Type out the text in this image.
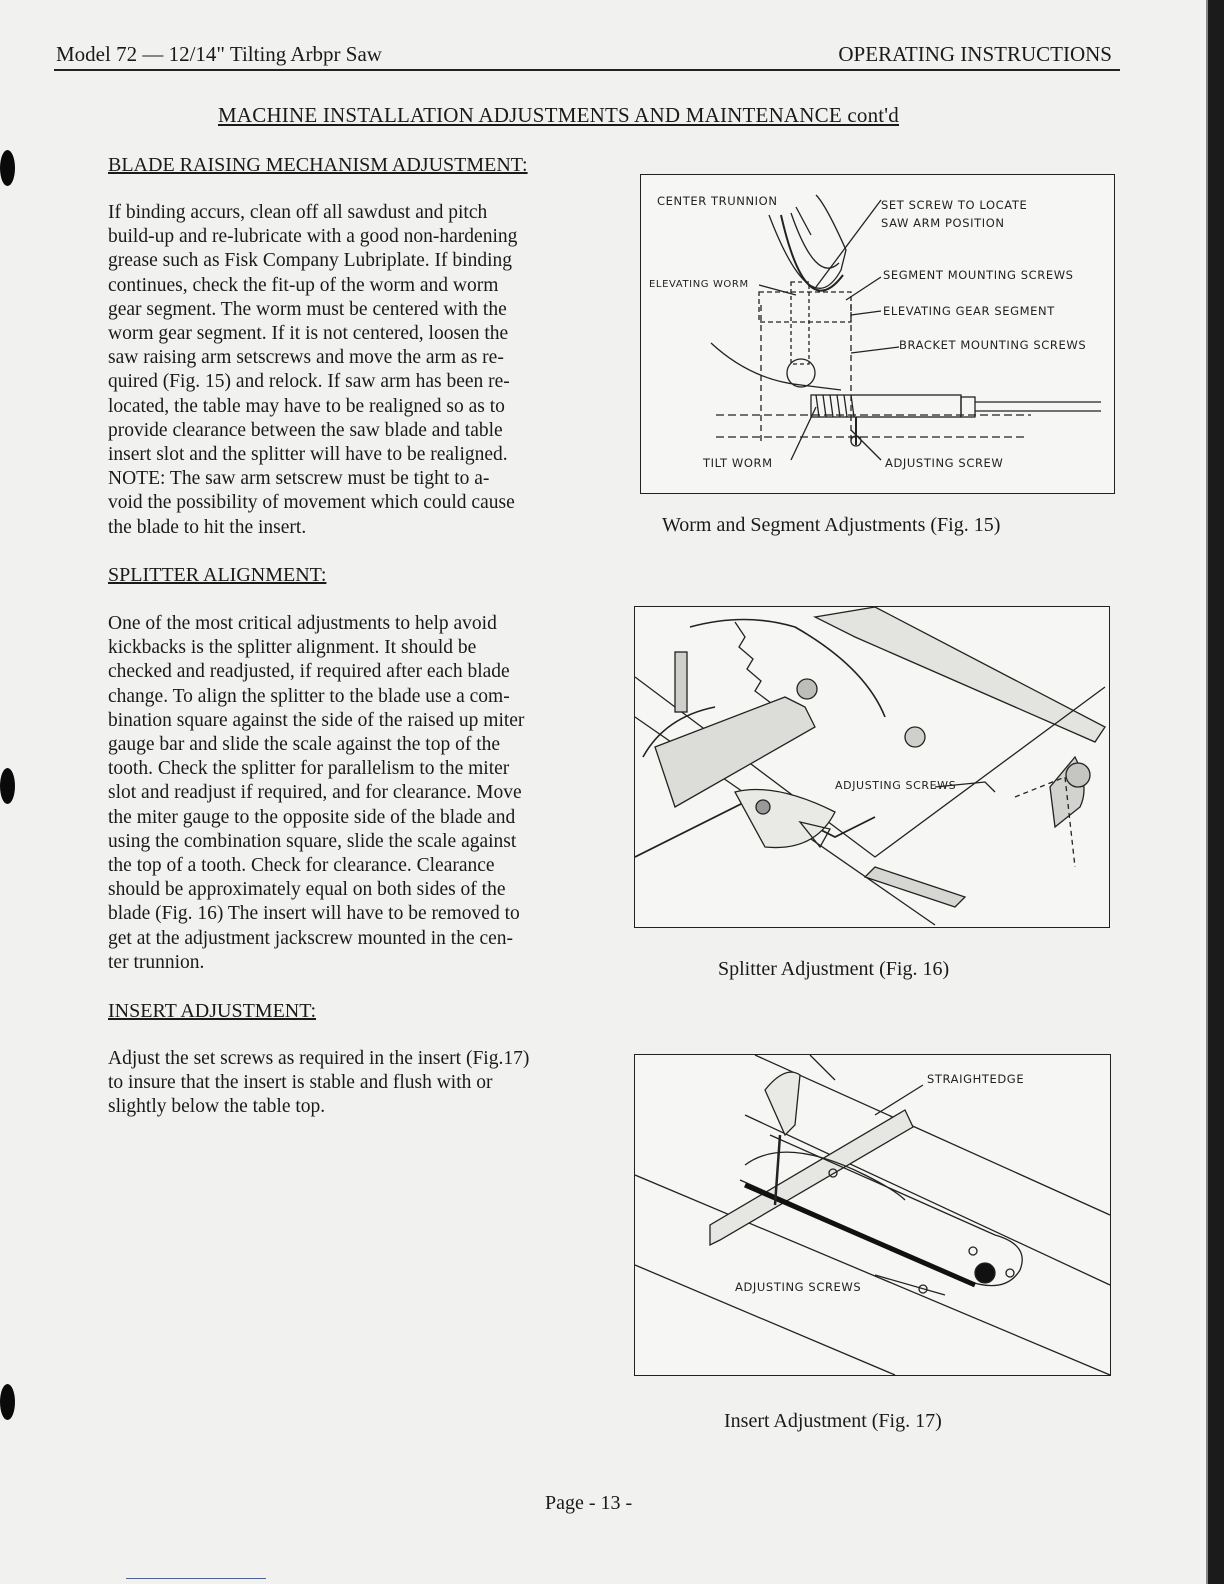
Model 72 — 12/14" Tilting Arbpr Saw	OPERATING INSTRUCTIONS
MACHINE INSTALLATION ADJUSTMENTS AND MAINTENANCE cont'd
BLADE RAISING MECHANISM ADJUSTMENT:
If binding accurs, clean off all sawdust and pitch
build-up and re-lubricate with a good non-hardening
grease such as Fisk Company Lubriplate. If binding
continues, check the fit-up of the worm and worm
gear segment. The worm must be centered with the
worm gear segment. If it is not centered, loosen the
saw raising arm setscrews and move the arm as re-
quired (Fig. 15) and relock. If saw arm has been re-
located, the table may have to be realigned so as to
provide clearance between the saw blade and table
insert slot and the splitter will have to be realigned.
NOTE: The saw arm setscrew must be tight to a-
void the possibility of movement which could cause
the blade to hit the insert.
SPLITTER ALIGNMENT:
One of the most critical adjustments to help avoid
kickbacks is the splitter alignment. It should be
checked and readjusted, if required after each blade
change. To align the splitter to the blade use a com-
bination square against the side of the raised up miter
gauge bar and slide the scale against the top of the
tooth. Check the splitter for parallelism to the miter
slot and readjust if required, and for clearance. Move
the miter gauge to the opposite side of the blade and
using the combination square, slide the scale against
the top of a tooth. Check for clearance. Clearance
should be approximately equal on both sides of the
blade (Fig. 16) The insert will have to be removed to
get at the adjustment jackscrew mounted in the cen-
ter trunnion.
INSERT ADJUSTMENT:
Adjust the set screws as required in the insert (Fig.17)
to insure that the insert is stable and flush with or
slightly below the table top.
CENTER TRUNNION	SET SCREW TO LOCATE
SAW ARM POSITION
ELEVATING WORM
SEGMENT MOUNTING SCREWS
ELEVATING GEAR SEGMENT
BRACKET MOUNTING SCREWS
TILT WORM	ADJUSTING SCREW
Worm and Segment Adjustments (Fig. 15)
ADJUSTING SCREWS
Splitter Adjustment (Fig. 16)
STRAIGHTEDGE
ADJUSTING SCREWS
Insert Adjustment (Fig. 17)
Page - 13 -
